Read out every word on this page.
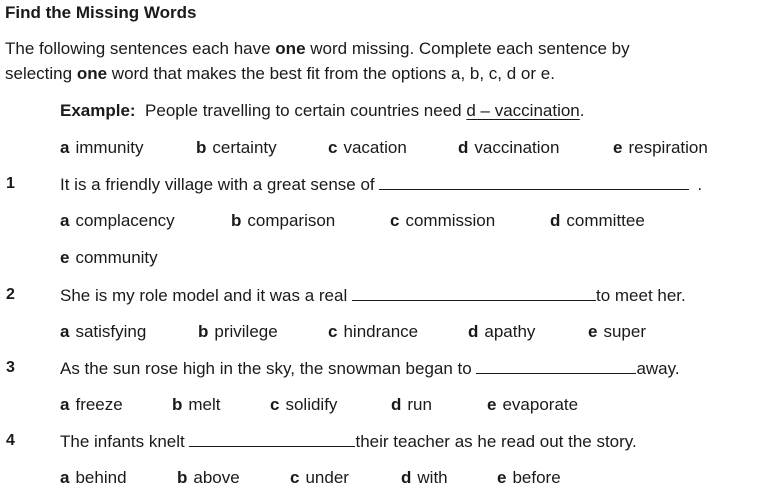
Find the Missing Words
The following sentences each have one word missing. Complete each sentence by
selecting one word that makes the best fit from the options a, b, c, d or e.
Example: People travelling to certain countries need d – vaccination.
a immunity	b certainty	c vacation	d vaccination	e respiration
1	It is a friendly village with a great sense of	.
a complacency	b comparison	c commission	d committee
e community
2	She is my role model and it was a real	to meet her.
a satisfying	b privilege	c hindrance	d apathy	e super
3	As the sun rose high in the sky, the snowman began to	away.
a freeze	b melt	c solidify	d run	e evaporate
4	The infants knelt	their teacher as he read out the story.
a behind	b above	c under	d with	e before
